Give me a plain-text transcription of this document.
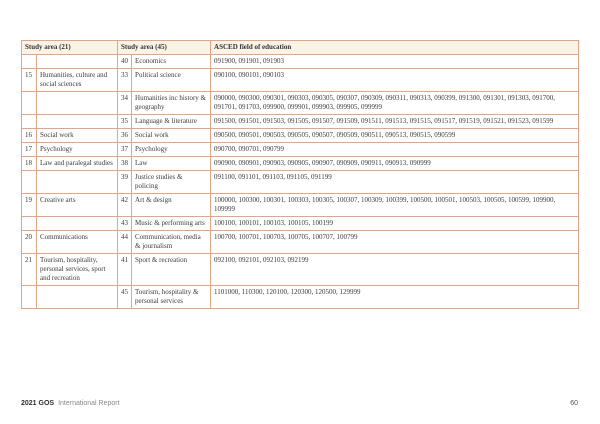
Study area (21)		Study area (45)		ASCED field of education
		40	Economics	091900, 091901, 091903
15	Humanities, culture and social sciences	33	Political science	090100, 090101, 090103
		34	Humanities inc history & geography	090000, 090300, 090301, 090303, 090305, 090307, 090309, 090311, 090313, 090399, 091300, 091301, 091303, 091700, 091701, 091703, 099900, 099901, 099903, 099905, 099999
		35	Language & literature	091500, 091501, 091503, 091505, 091507, 091509, 091511, 091513, 091515, 091517, 091519, 091521, 091523, 091599
16	Social work	36	Social work	090500, 090501, 090503, 090505, 090507, 090509, 090511, 090513, 090515, 090599
17	Psychology	37	Psychology	090700, 090701, 090799
18	Law and paralegal studies	38	Law	090900, 090901, 090903, 090905, 090907, 090909, 090911, 090913, 090999
		39	Justice studies & policing	091100, 091101, 091103, 091105, 091199
19	Creative arts	42	Art & design	100000, 100300, 100301, 100303, 100305, 100307, 100309, 100399, 100500, 100501, 100503, 100505, 100599, 109900, 109999
		43	Music & performing arts	100100, 100101, 100103, 100105, 100199
20	Communications	44	Communication, media & journalism	100700, 100701, 100703, 100705, 100707, 100799
21	Tourism, hospitality, personal services, sport and recreation	41	Sport & recreation	092100, 092101, 092103, 092199
		45	Tourism, hospitality & personal services	1101000, 110300, 120100, 120300, 120500, 129999
2021 GOS International Report	60
